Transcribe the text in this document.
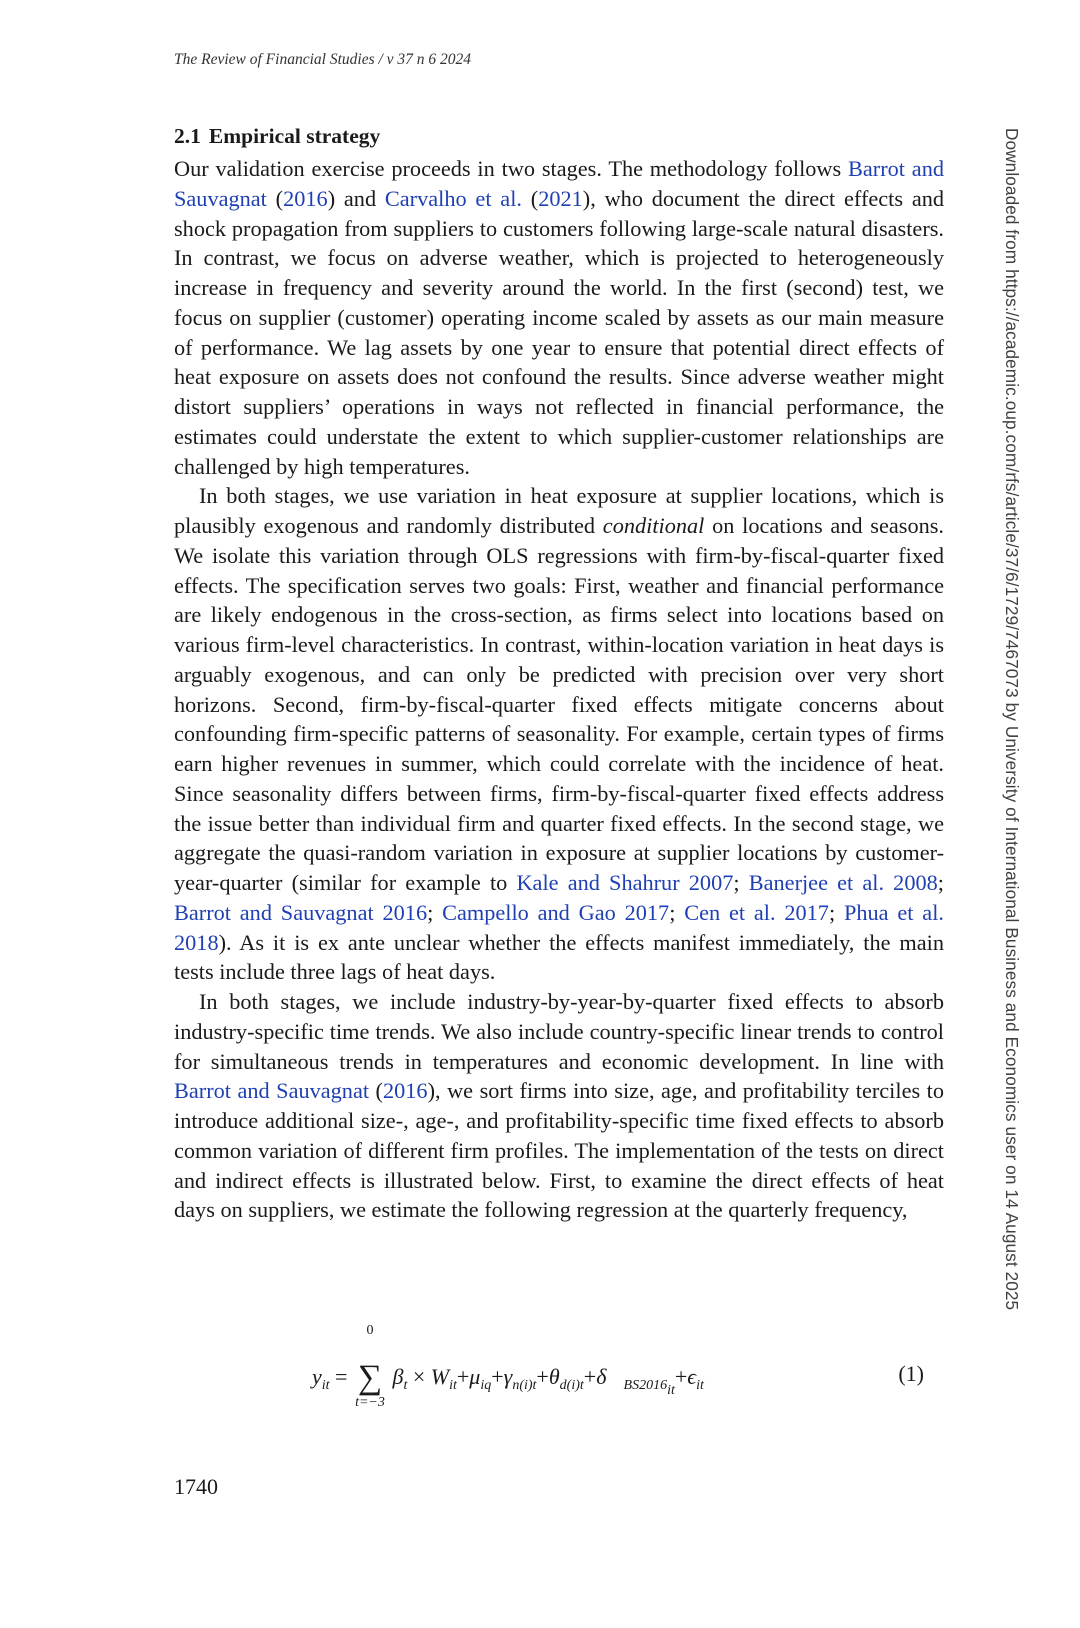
The Review of Financial Studies / v 37 n 6 2024
2.1 Empirical strategy

Our validation exercise proceeds in two stages. The methodology follows Barrot and Sauvagnat (2016) and Carvalho et al. (2021), who document the direct effects and shock propagation from suppliers to customers following large-scale natural disasters. In contrast, we focus on adverse weather, which is projected to heterogeneously increase in frequency and severity around the world. In the first (second) test, we focus on supplier (customer) operating income scaled by assets as our main measure of performance. We lag assets by one year to ensure that potential direct effects of heat exposure on assets does not confound the results. Since adverse weather might distort suppliers’ operations in ways not reflected in financial performance, the estimates could understate the extent to which supplier-customer relationships are challenged by high temperatures.

In both stages, we use variation in heat exposure at supplier locations, which is plausibly exogenous and randomly distributed conditional on locations and seasons. We isolate this variation through OLS regressions with firm-by-fiscal-quarter fixed effects. The specification serves two goals: First, weather and financial performance are likely endogenous in the cross-section, as firms select into locations based on various firm-level characteristics. In contrast, within-location variation in heat days is arguably exogenous, and can only be predicted with precision over very short horizons. Second, firm-by-fiscal-quarter fixed effects mitigate concerns about confounding firm-specific patterns of seasonality. For example, certain types of firms earn higher revenues in summer, which could correlate with the incidence of heat. Since seasonality differs between firms, firm-by-fiscal-quarter fixed effects address the issue better than individual firm and quarter fixed effects. In the second stage, we aggregate the quasi-random variation in exposure at supplier locations by customer-year-quarter (similar for example to Kale and Shahrur 2007; Banerjee et al. 2008; Barrot and Sauvagnat 2016; Campello and Gao 2017; Cen et al. 2017; Phua et al. 2018). As it is ex ante unclear whether the effects manifest immediately, the main tests include three lags of heat days.

In both stages, we include industry-by-year-by-quarter fixed effects to absorb industry-specific time trends. We also include country-specific linear trends to control for simultaneous trends in temperatures and economic development. In line with Barrot and Sauvagnat (2016), we sort firms into size, age, and profitability terciles to introduce additional size-, age-, and profitability-specific time fixed effects to absorb common variation of different firm profiles. The implementation of the tests on direct and indirect effects is illustrated below. First, to examine the direct effects of heat days on suppliers, we estimate the following regression at the quarterly frequency,

$y_{it}$ =
0
∑
t=−3
$\beta_t$ × $W_{it}+\mu_{iq}+\gamma_{n(i)t}+\theta_{d(i)t}+\delta⃗_{BS2016_{it}}+\epsilon_{it}$	(1)
1740
Downloaded from https://academic.oup.com/rfs/article/37/6/1729/7467073 by University of International Business and Economics user on 14 August 2025
